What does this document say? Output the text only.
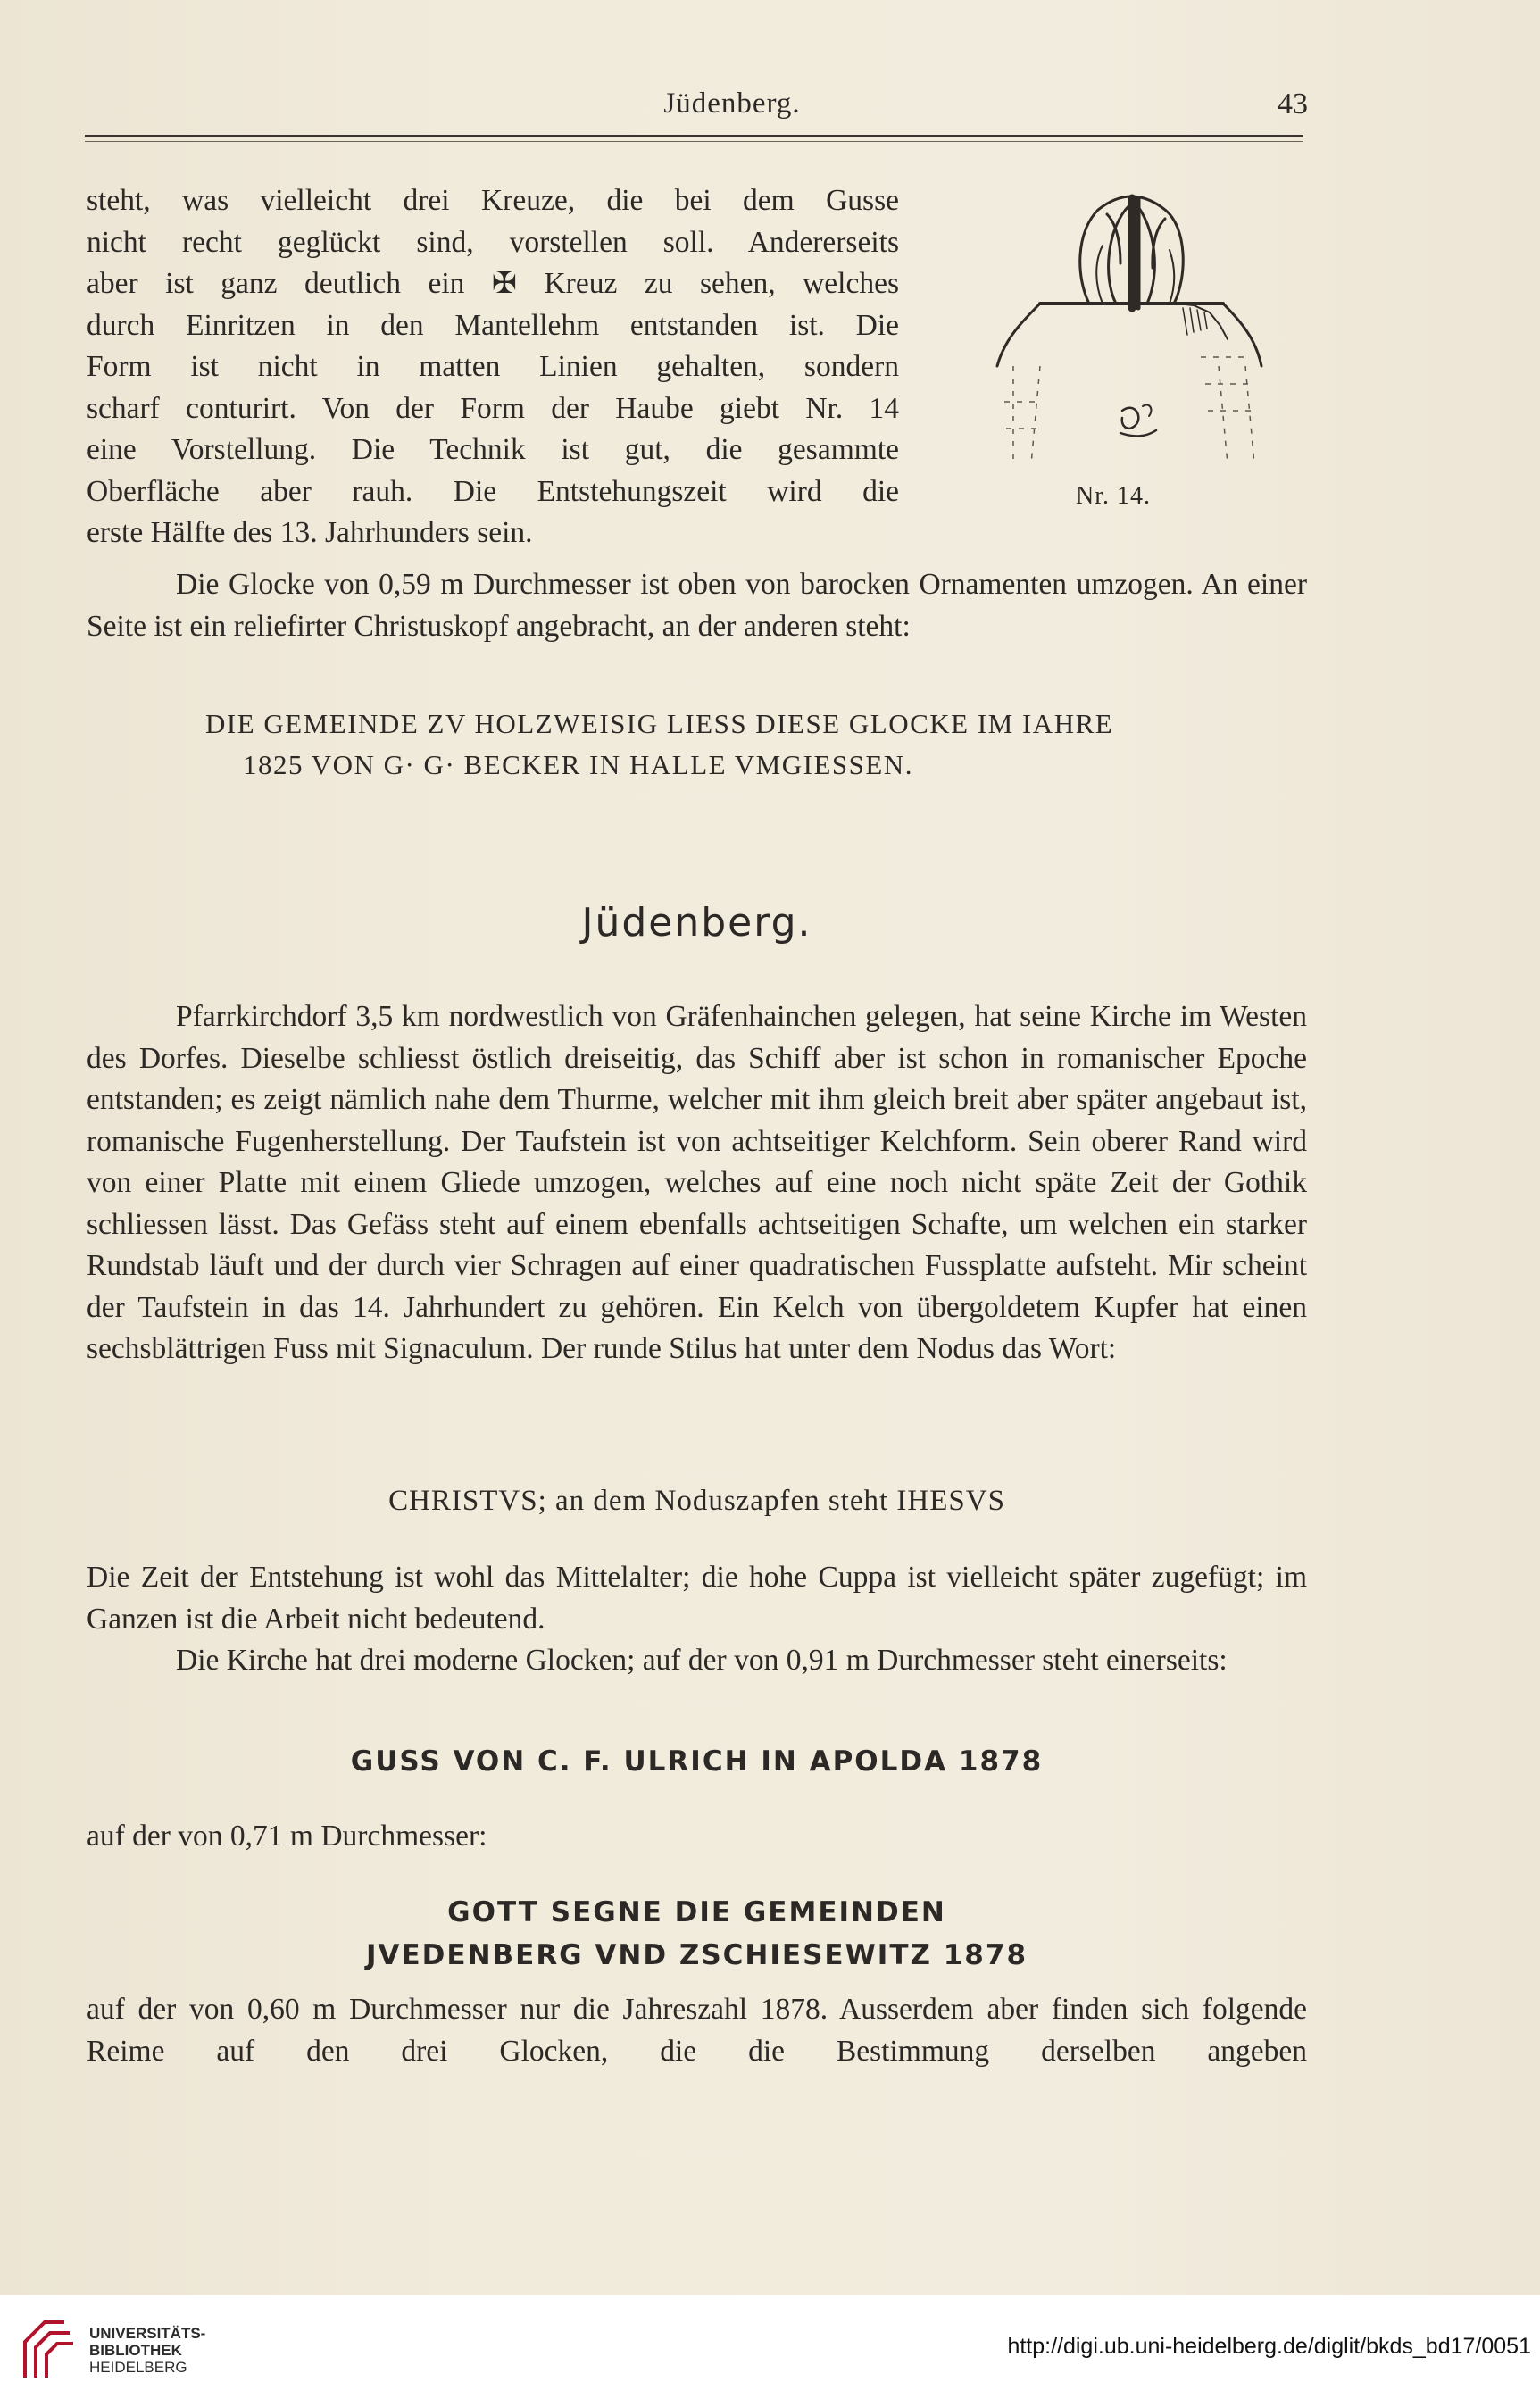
Jüdenberg.	43

steht, was vielleicht drei Kreuze, die bei dem Gusse

nicht recht geglückt sind, vorstellen soll. Andererseits

aber ist ganz deutlich ein ✠ Kreuz zu sehen, welches

durch Einritzen in den Mantellehm entstanden ist. Die

Form ist nicht in matten Linien gehalten, sondern

scharf conturirt. Von der Form der Haube giebt Nr. 14

eine Vorstellung. Die Technik ist gut, die gesammte

Oberfläche aber rauh. Die Entstehungszeit wird die

erste Hälfte des 13. Jahrhunders sein.

Nr. 14.

Die Glocke von 0,59 m Durchmesser ist oben von barocken Ornamenten umzogen. An einer Seite ist ein reliefirter Christuskopf angebracht, an der anderen steht:

DIE GEMEINDE ZV HOLZWEISIG LIESS DIESE GLOCKE IM IAHRE
1825 VON G· G· BECKER IN HALLE VMGIESSEN.
Jüdenberg.

Pfarrkirchdorf 3,5 km nordwestlich von Gräfenhainchen gelegen, hat seine Kirche im Westen des Dorfes. Dieselbe schliesst östlich dreiseitig, das Schiff aber ist schon in romanischer Epoche entstanden; es zeigt nämlich nahe dem Thurme, welcher mit ihm gleich breit aber später angebaut ist, romanische Fugenherstellung. Der Taufstein ist von achtseitiger Kelchform. Sein oberer Rand wird von einer Platte mit einem Gliede umzogen, welches auf eine noch nicht späte Zeit der Gothik schliessen lässt. Das Gefäss steht auf einem ebenfalls achtseitigen Schafte, um welchen ein starker Rundstab läuft und der durch vier Schragen auf einer quadratischen Fussplatte aufsteht. Mir scheint der Taufstein in das 14. Jahrhundert zu gehören. Ein Kelch von übergoldetem Kupfer hat einen sechsblättrigen Fuss mit Signaculum. Der runde Stilus hat unter dem Nodus das Wort:

CHRISTVS; an dem Noduszapfen steht IHESVS

Die Zeit der Entstehung ist wohl das Mittelalter; die hohe Cuppa ist vielleicht später zugefügt; im Ganzen ist die Arbeit nicht bedeutend.

Die Kirche hat drei moderne Glocken; auf der von 0,91 m Durchmesser steht einerseits:

GUSS VON C. F. ULRICH IN APOLDA 1878

auf der von 0,71 m Durchmesser:

GOTT SEGNE DIE GEMEINDEN
JVEDENBERG VND ZSCHIESEWITZ 1878

auf der von 0,60 m Durchmesser nur die Jahreszahl 1878. Ausserdem aber finden sich folgende Reime auf den drei Glocken, die die Bestimmung derselben angeben

UNIVERSITÄTS-
BIBLIOTHEK
HEIDELBERG
http://digi.ub.uni-heidelberg.de/diglit/bkds_bd17/0051
